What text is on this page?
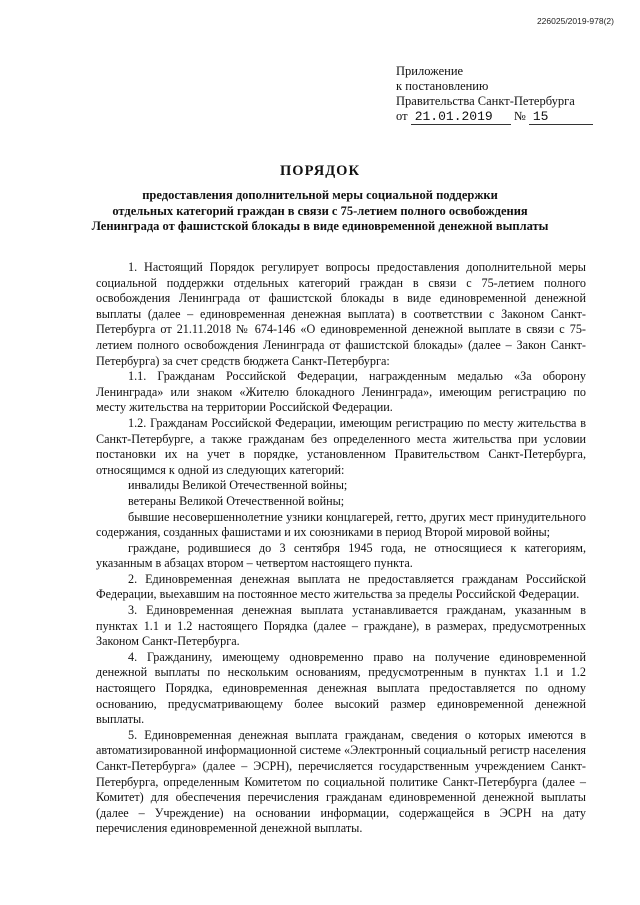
226025/2019-978(2)
Приложение
к постановлению
Правительства Санкт-Петербурга
от 21.01.2019 № 15
ПОРЯДОК
предоставления дополнительной меры социальной поддержки
отдельных категорий граждан в связи с 75-летием полного освобождения
Ленинграда от фашистской блокады в виде единовременной денежной выплаты

1. Настоящий Порядок регулирует вопросы предоставления дополнительной меры социальной поддержки отдельных категорий граждан в связи с 75-летием полного освобождения Ленинграда от фашистской блокады в виде единовременной денежной выплаты (далее – единовременная денежная выплата) в соответствии с Законом Санкт-Петербурга от 21.11.2018 № 674-146 «О единовременной денежной выплате в связи с 75-летием полного освобождения Ленинграда от фашистской блокады» (далее – Закон Санкт-Петербурга) за счет средств бюджета Санкт-Петербурга:

1.1. Гражданам Российской Федерации, награжденным медалью «За оборону Ленинграда» или знаком «Жителю блокадного Ленинграда», имеющим регистрацию по месту жительства на территории Российской Федерации.

1.2. Гражданам Российской Федерации, имеющим регистрацию по месту жительства в Санкт-Петербурге, а также гражданам без определенного места жительства при условии постановки их на учет в порядке, установленном Правительством Санкт-Петербурга, относящимся к одной из следующих категорий:

инвалиды Великой Отечественной войны;

ветераны Великой Отечественной войны;

бывшие несовершеннолетние узники концлагерей, гетто, других мест принудительного содержания, созданных фашистами и их союзниками в период Второй мировой войны;

граждане, родившиеся до 3 сентября 1945 года, не относящиеся к категориям, указанным в абзацах втором – четвертом настоящего пункта.

2. Единовременная денежная выплата не предоставляется гражданам Российской Федерации, выехавшим на постоянное место жительства за пределы Российской Федерации.

3. Единовременная денежная выплата устанавливается гражданам, указанным в пунктах 1.1 и 1.2 настоящего Порядка (далее – граждане), в размерах, предусмотренных Законом Санкт-Петербурга.

4. Гражданину, имеющему одновременно право на получение единовременной денежной выплаты по нескольким основаниям, предусмотренным в пунктах 1.1 и 1.2 настоящего Порядка, единовременная денежная выплата предоставляется по одному основанию, предусматривающему более высокий размер единовременной денежной выплаты.

5. Единовременная денежная выплата гражданам, сведения о которых имеются в автоматизированной информационной системе «Электронный социальный регистр населения Санкт-Петербурга» (далее – ЭСРН), перечисляется государственным учреждением Санкт-Петербурга, определенным Комитетом по социальной политике Санкт-Петербурга (далее – Комитет) для обеспечения перечисления гражданам единовременной денежной выплаты (далее – Учреждение) на основании информации, содержащейся в ЭСРН на дату перечисления единовременной денежной выплаты.
